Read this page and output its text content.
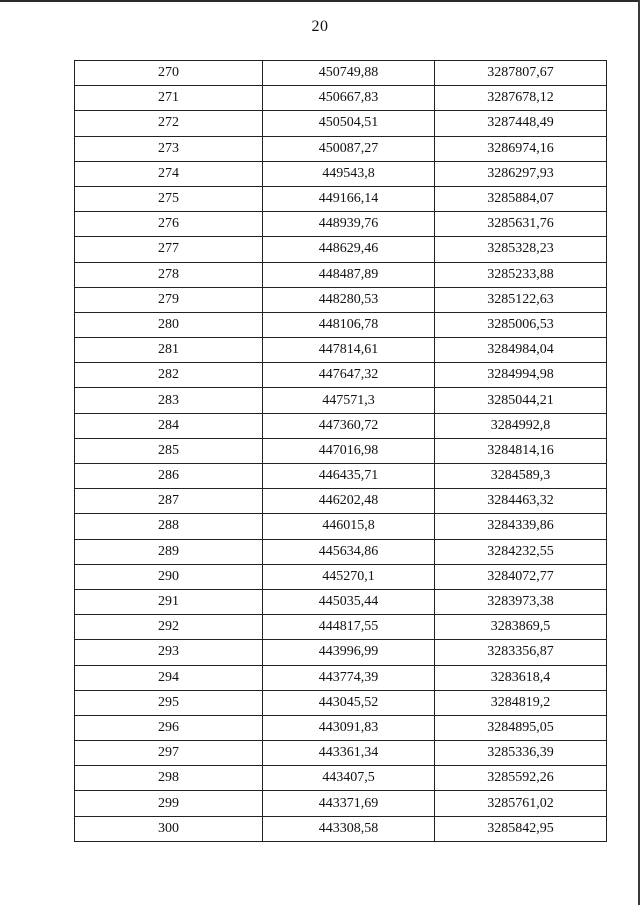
20
270	450749,88	3287807,67
271	450667,83	3287678,12
272	450504,51	3287448,49
273	450087,27	3286974,16
274	449543,8	3286297,93
275	449166,14	3285884,07
276	448939,76	3285631,76
277	448629,46	3285328,23
278	448487,89	3285233,88
279	448280,53	3285122,63
280	448106,78	3285006,53
281	447814,61	3284984,04
282	447647,32	3284994,98
283	447571,3	3285044,21
284	447360,72	3284992,8
285	447016,98	3284814,16
286	446435,71	3284589,3
287	446202,48	3284463,32
288	446015,8	3284339,86
289	445634,86	3284232,55
290	445270,1	3284072,77
291	445035,44	3283973,38
292	444817,55	3283869,5
293	443996,99	3283356,87
294	443774,39	3283618,4
295	443045,52	3284819,2
296	443091,83	3284895,05
297	443361,34	3285336,39
298	443407,5	3285592,26
299	443371,69	3285761,02
300	443308,58	3285842,95
